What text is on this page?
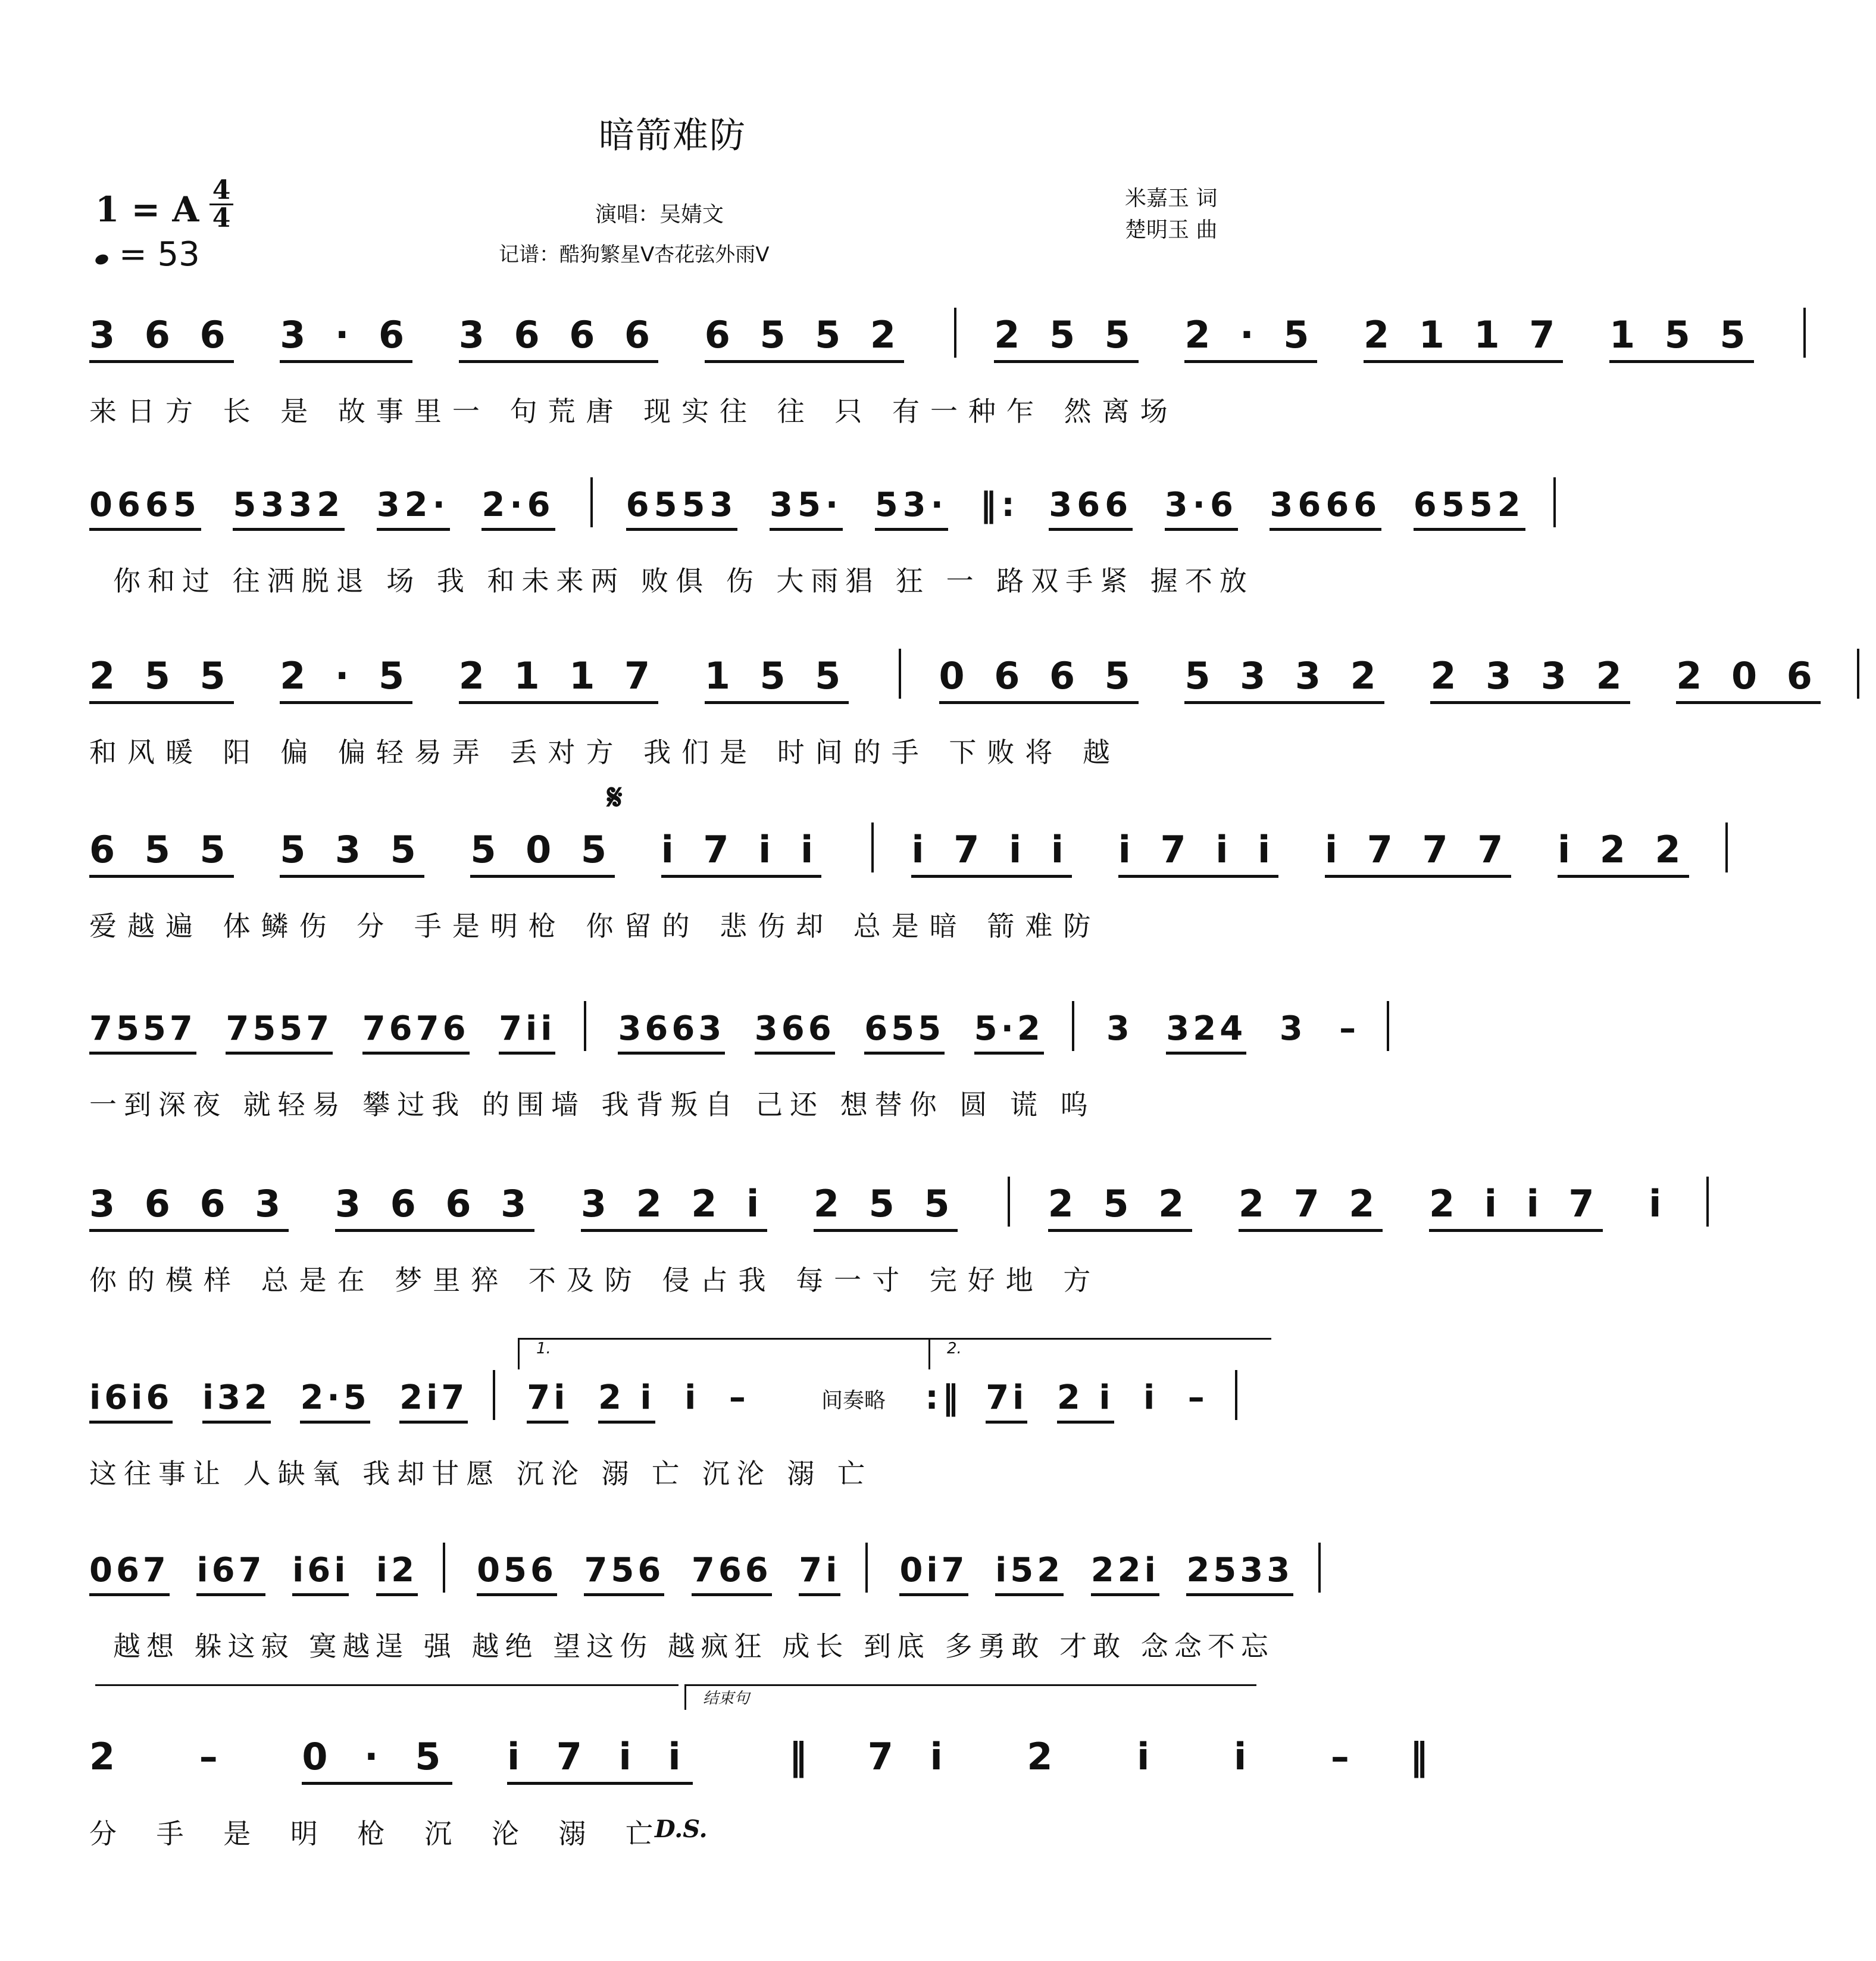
暗箭难防
1 = A 4
4
= 53
演唱：吴婧文
记谱：酷狗繁星V杏花弦外雨V
米嘉玉 词
楚明玉 曲
3 6 6 3 · 6 3 6 6 6 6 5 5 2 2 5 5 2 · 5 2 1 1 7 1 5 5
来日方 长 是 故事里一 句荒唐 现实往 往 只 有一种乍 然离场
0665 5332 32· 2·6 6553 35· 53· ‖: 366 3·6 3666 6552
你和过 往洒脱退 场 我 和未来两 败俱 伤 大雨猖 狂 一 路双手紧 握不放
2 5 5 2 · 5 2 1 1 7 1 5 5 0 6 6 5 5 3 3 2 2 3 3 2 2 0 6
和风暖 阳 偏 偏轻易弄 丢对方 我们是 时间的手 下败将 越
𝄋
6 5 5 5 3 5 5 0 5 i 7 i i i 7 i i i 7 i i i 7 7 7 i 2 2
爱越遍 体鳞伤 分 手是明枪 你留的 悲伤却 总是暗 箭难防
7557 7557 7676 7ii 3663 366 655 5·2 3 324 3 –
一到深夜 就轻易 攀过我 的围墙 我背叛自 己还 想替你 圆 谎 呜
3 6 6 3 3 6 6 3 3 2 2 i 2 5 5 2 5 2 2 7 2 2 i i 7 i
你的模样 总是在 梦里猝 不及防 侵占我 每一寸 完好地 方
1.	2.
i6i6 i32 2·5 2i7 7i 2 i i –	:‖ 7i 2 i i –
这往事让 人缺氧 我却甘愿 沉沦 溺 亡 沉沦 溺 亡
间奏略
067 i67 i6i i2 056 756 766 7i 0i7 i52 22i 2533
越想 躲这寂 寞越逞 强 越绝 望这伤 越疯狂 成长 到底 多勇敢 才敢 念念不忘
结束句
2 – 0 · 5 i 7 i i	‖ 7 i 2 i i – ‖
分 手 是 明 枪 沉 沦 溺 亡
D.S.
